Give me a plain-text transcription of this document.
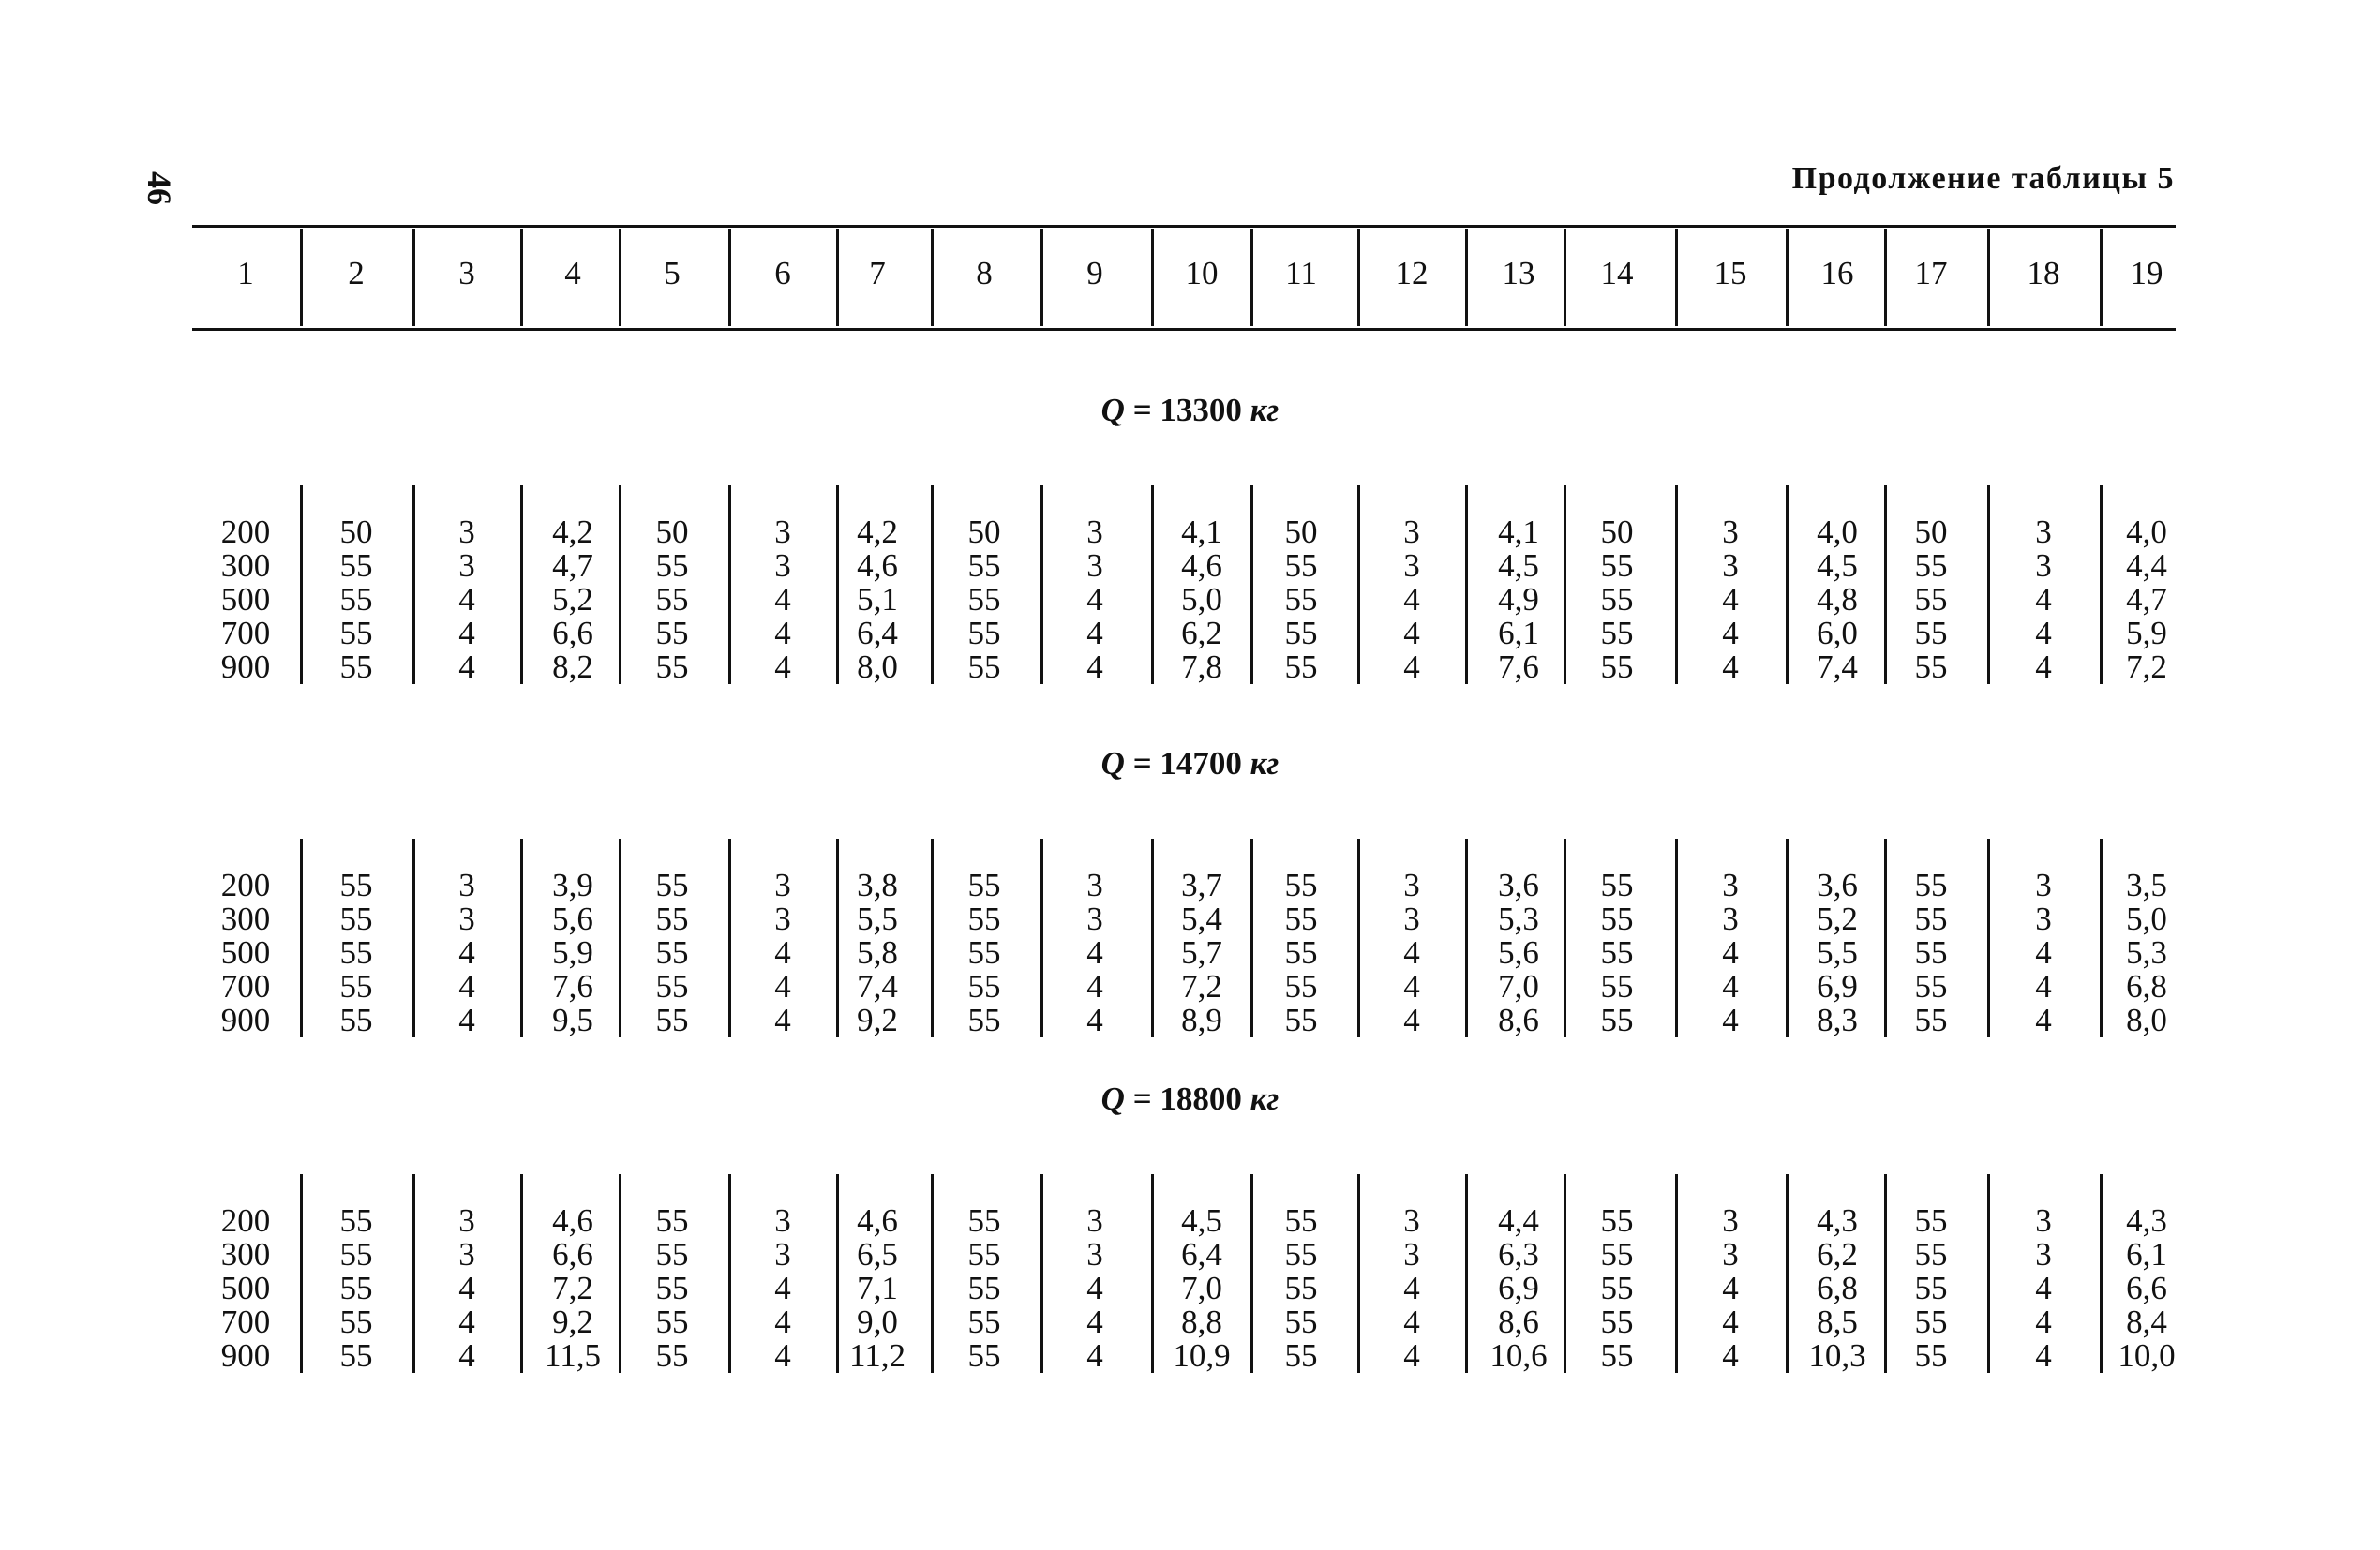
46	Продолжение таблицы 5
1	2	3	4	5	6	7	8	9	10	11	12	13	14	15	16	17	18	19
Q = 13300 кг
200	50	3	4,2	50	3	4,2	50	3	4,1	50	3	4,1	50	3	4,0	50	3	4,0
300	55	3	4,7	55	3	4,6	55	3	4,6	55	3	4,5	55	3	4,5	55	3	4,4
500	55	4	5,2	55	4	5,1	55	4	5,0	55	4	4,9	55	4	4,8	55	4	4,7
700	55	4	6,6	55	4	6,4	55	4	6,2	55	4	6,1	55	4	6,0	55	4	5,9
900	55	4	8,2	55	4	8,0	55	4	7,8	55	4	7,6	55	4	7,4	55	4	7,2
Q = 14700 кг
200	55	3	3,9	55	3	3,8	55	3	3,7	55	3	3,6	55	3	3,6	55	3	3,5
300	55	3	5,6	55	3	5,5	55	3	5,4	55	3	5,3	55	3	5,2	55	3	5,0
500	55	4	5,9	55	4	5,8	55	4	5,7	55	4	5,6	55	4	5,5	55	4	5,3
700	55	4	7,6	55	4	7,4	55	4	7,2	55	4	7,0	55	4	6,9	55	4	6,8
900	55	4	9,5	55	4	9,2	55	4	8,9	55	4	8,6	55	4	8,3	55	4	8,0
Q = 18800 кг
200	55	3	4,6	55	3	4,6	55	3	4,5	55	3	4,4	55	3	4,3	55	3	4,3
300	55	3	6,6	55	3	6,5	55	3	6,4	55	3	6,3	55	3	6,2	55	3	6,1
500	55	4	7,2	55	4	7,1	55	4	7,0	55	4	6,9	55	4	6,8	55	4	6,6
700	55	4	9,2	55	4	9,0	55	4	8,8	55	4	8,6	55	4	8,5	55	4	8,4
900	55	4	11,5	55	4	11,2	55	4	10,9	55	4	10,6	55	4	10,3	55	4	10,0
